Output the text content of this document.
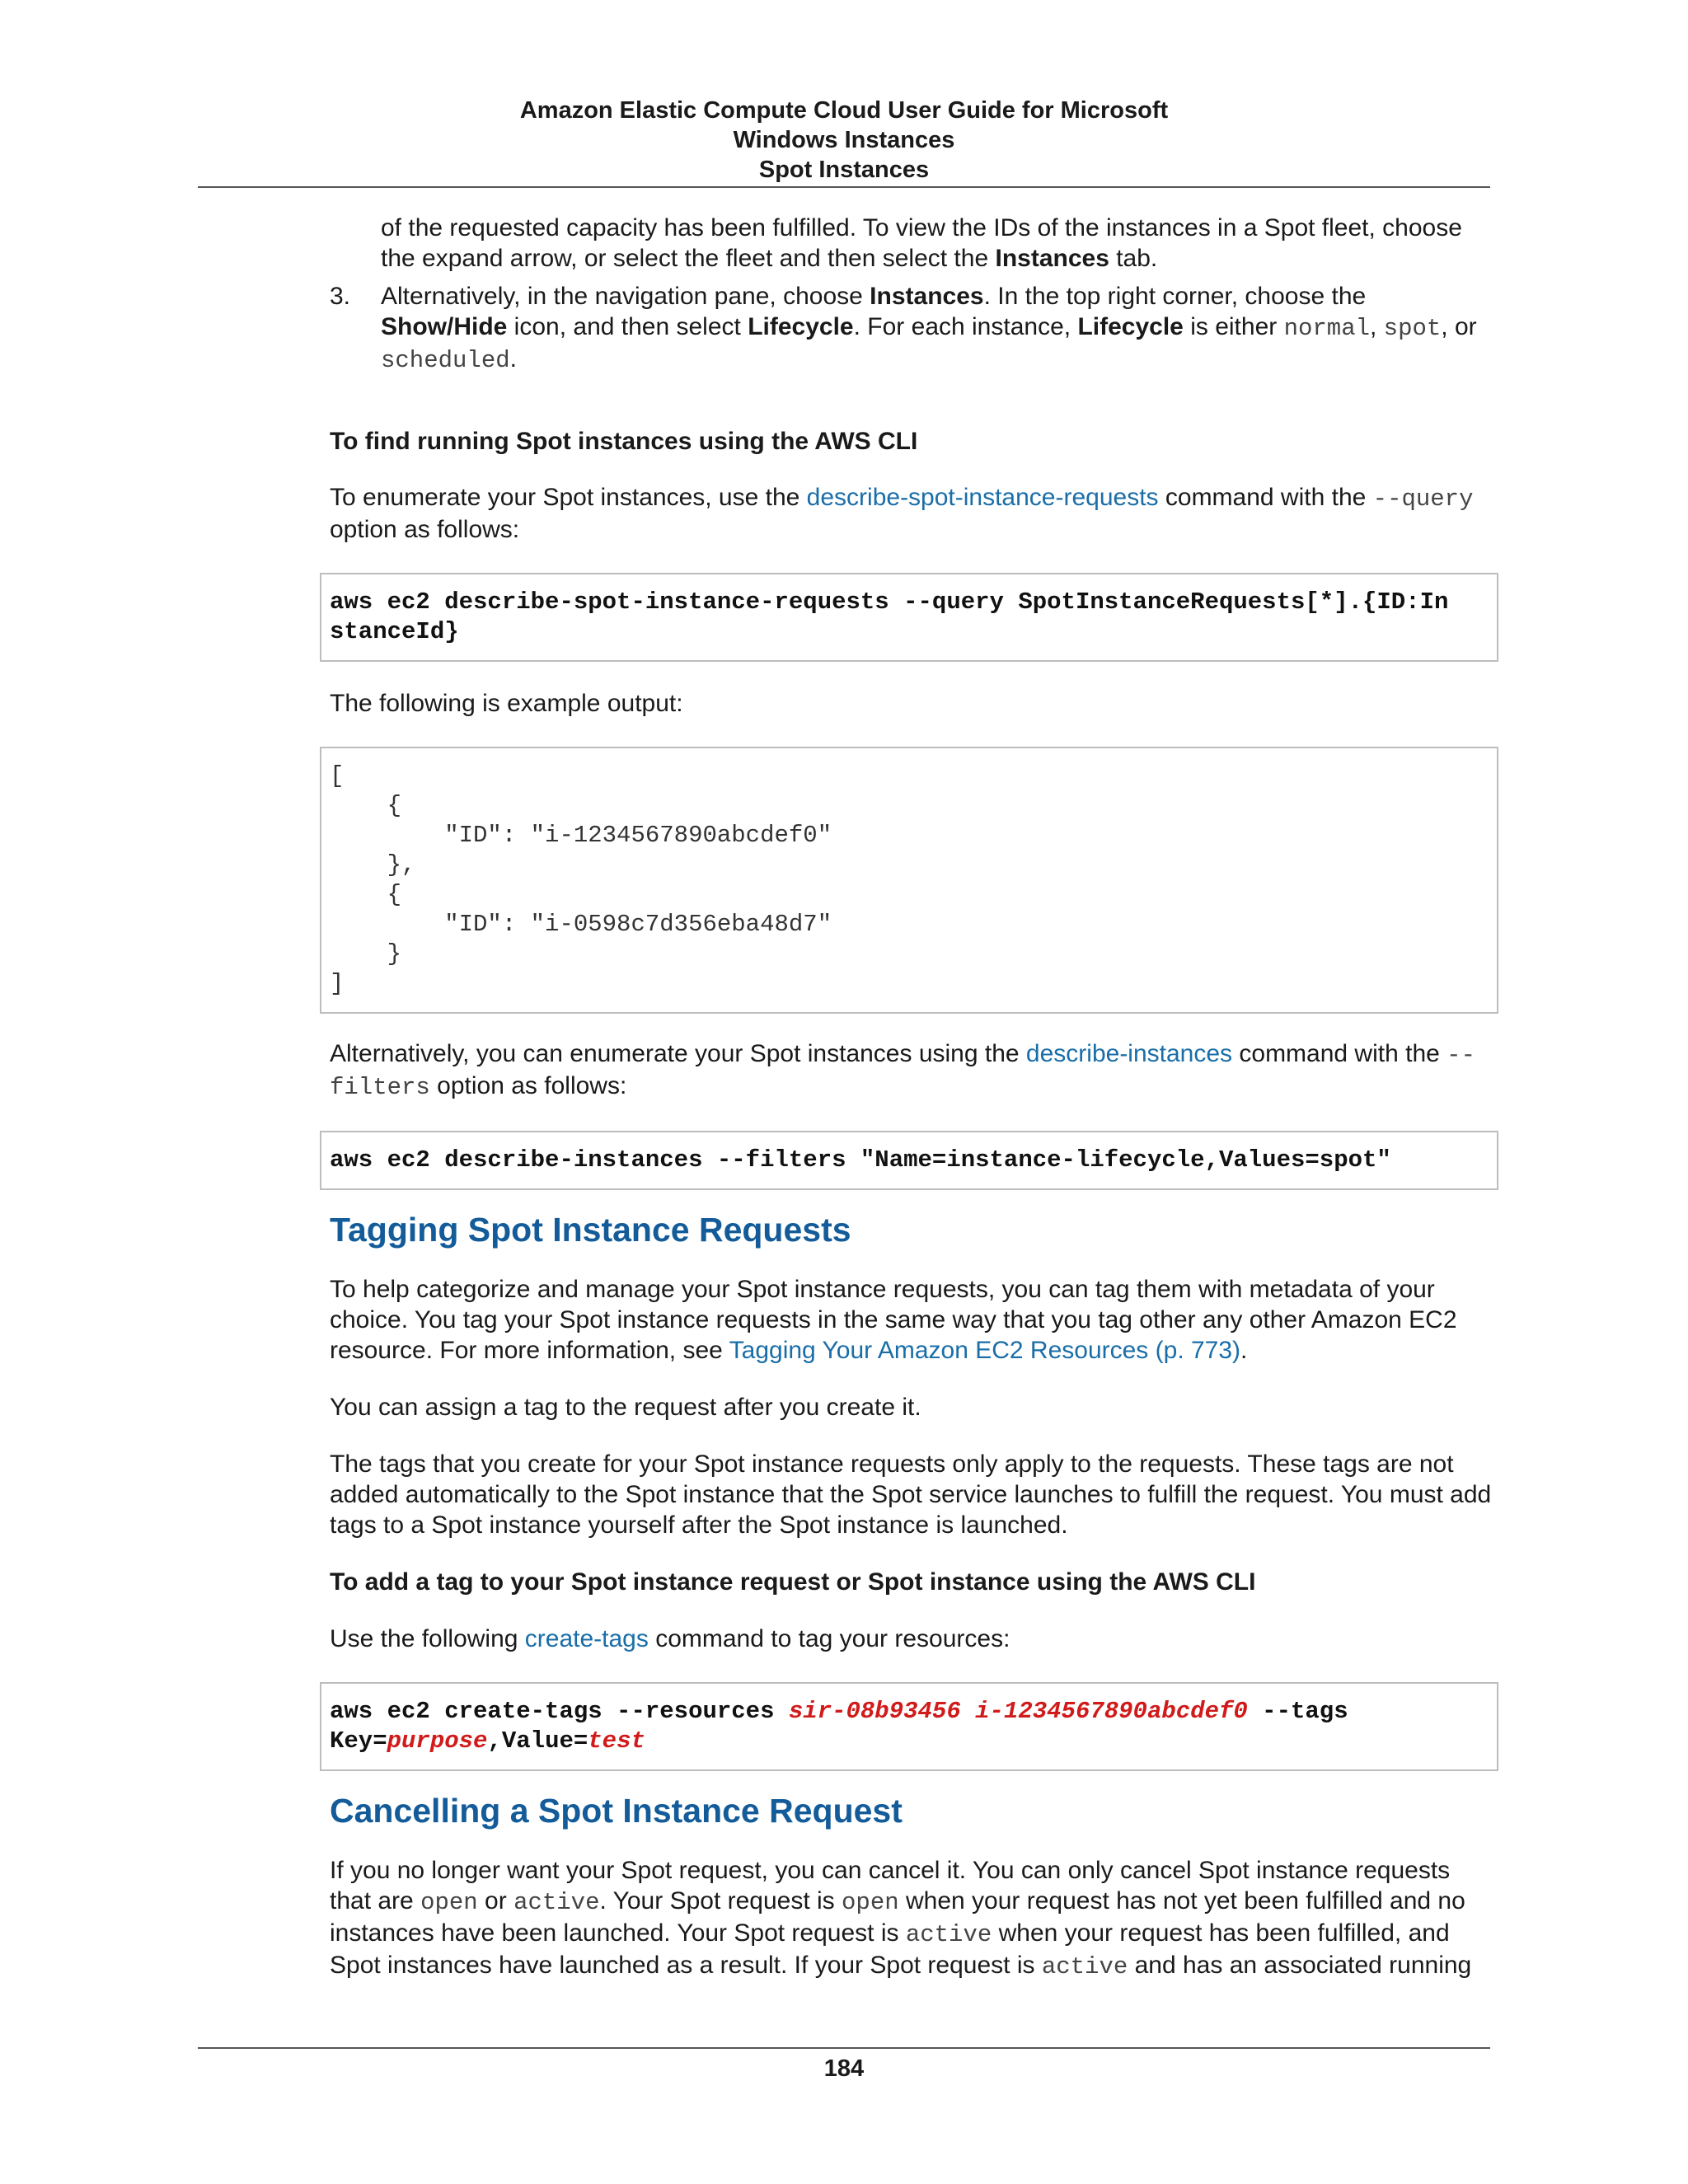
Amazon Elastic Compute Cloud User Guide for Microsoft
Windows Instances
Spot Instances

of the requested capacity has been fulfilled. To view the IDs of the instances in a Spot fleet, choose the expand arrow, or select the fleet and then select the Instances tab.

3. Alternatively, in the navigation pane, choose Instances. In the top right corner, choose the Show/Hide icon, and then select Lifecycle. For each instance, Lifecycle is either normal, spot, or scheduled.

To find running Spot instances using the AWS CLI

To enumerate your Spot instances, use the describe-spot-instance-requests command with the --query option as follows:

aws ec2 describe-spot-instance-requests --query SpotInstanceRequests[*].{ID:In
stanceId}

The following is example output:

[
{
"ID": "i-1234567890abcdef0"
},
{
"ID": "i-0598c7d356eba48d7"
}
]

Alternatively, you can enumerate your Spot instances using the describe-instances command with the --filters option as follows:

aws ec2 describe-instances --filters "Name=instance-lifecycle,Values=spot"
Tagging Spot Instance Requests

To help categorize and manage your Spot instance requests, you can tag them with metadata of your choice. You tag your Spot instance requests in the same way that you tag other any other Amazon EC2 resource. For more information, see Tagging Your Amazon EC2 Resources (p. 773).

You can assign a tag to the request after you create it.

The tags that you create for your Spot instance requests only apply to the requests. These tags are not added automatically to the Spot instance that the Spot service launches to fulfill the request. You must add tags to a Spot instance yourself after the Spot instance is launched.

To add a tag to your Spot instance request or Spot instance using the AWS CLI

Use the following create-tags command to tag your resources:

aws ec2 create-tags --resources sir-08b93456 i-1234567890abcdef0 --tags
Key=purpose,Value=test
Cancelling a Spot Instance Request

If you no longer want your Spot request, you can cancel it. You can only cancel Spot instance requests that are open or active. Your Spot request is open when your request has not yet been fulfilled and no instances have been launched. Your Spot request is active when your request has been fulfilled, and Spot instances have launched as a result. If your Spot request is active and has an associated running

184
